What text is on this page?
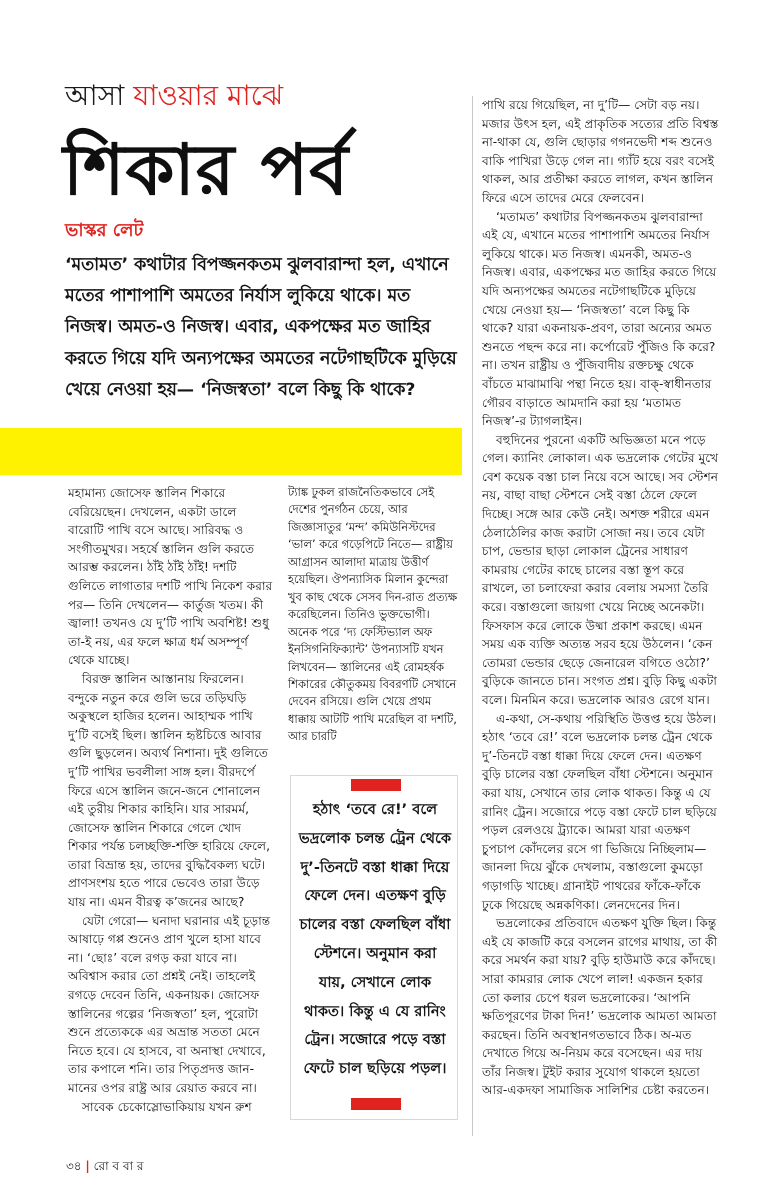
আসা যাওয়ার মাঝে
শিকার পর্ব
ভাস্কর লেট

‘মতামত’ কথাটার বিপজ্জনকতম ঝুলবারান্দা হল, এখানে মতের পাশাপাশি অমতের নির্যাস লুকিয়ে থাকে। মত নিজস্ব। অমত-ও নিজস্ব। এবার, একপক্ষের মত জাহির করতে গিয়ে যদি অন্যপক্ষের অমতের নটেগাছটিকে মুড়িয়ে খেয়ে নেওয়া হয়— ‘নিজস্বতা’ বলে কিছু কি থাকে?

মহামান্য জোসেফ স্তালিন শিকারে বেরিয়েছেন। দেখলেন, একটা ডালে বারোটি পাখি বসে আছে। সারিবদ্ধ ও সংগীতমুখর। সহর্ষে স্তালিন গুলি করতে আরম্ভ করলেন। ঠাঁই ঠাঁই ঠাঁই! দশটি গুলিতে লাগাতার দশটি পাখি নিকেশ করার পর— তিনি দেখলেন— কার্তুজ খতম। কী জ্বালা! তখনও যে দু’টি পাখি অবশিষ্ট! শুধু তা-ই নয়, এর ফলে ক্ষাত্র ধর্ম অসম্পূর্ণ থেকে যাচ্ছে।

বিরক্ত স্তালিন আস্তানায় ফিরলেন। বন্দুকে নতুন করে গুলি ভরে তড়িঘড়ি অকুস্থলে হাজির হলেন। আহাম্মক পাখি দু’টি বসেই ছিল। স্তালিন হৃষ্টচিত্তে আবার গুলি ছুড়লেন। অব্যর্থ নিশানা। দুই গুলিতে দু’টি পাখির ভবলীলা সাঙ্গ হল। বীরদর্পে ফিরে এসে স্তালিন জনে-জনে শোনালেন এই তুরীয় শিকার কাহিনি। যার সারমর্ম, জোসেফ স্তালিন শিকারে গেলে খোদ শিকার পর্যন্ত চলচ্ছক্তি-শক্তি হারিয়ে ফেলে, তারা বিভ্রান্ত হয়, তাদের বুদ্ধিবৈকল্য ঘটে। প্রাণসংশয় হতে পারে ভেবেও তারা উড়ে যায় না। এমন বীরত্ব ক’জনের আছে?

যেটা গেরো— ঘনাদা ঘরানার এই চূড়ান্ত আষাঢ়ে গপ্প শুনেও প্রাণ খুলে হাসা যাবে না। ‘ছোঃ’ বলে রগড় করা যাবে না। অবিশ্বাস করার তো প্রশ্নই নেই। তাহলেই রগড়ে দেবেন তিনি, একনায়ক। জোসেফ স্তালিনের গল্পের ‘নিজস্বতা’ হল, পুরোটা শুনে প্রত্যেককে এর অভ্রান্ত সততা মেনে নিতে হবে। যে হাসবে, বা অনাস্থা দেখাবে, তার কপালে শনি। তার পিতৃপ্রদত্ত জান-মানের ওপর রাষ্ট্র আর রেয়াত করবে না।

সাবেক চেকোস্লোভাকিয়ায় যখন রুশ

ট্যাঙ্ক ঢুকল রাজনৈতিকভাবে সেই দেশের পুনর্গঠন চেয়ে, আর জিজ্ঞাসাতুর ‘মন্দ’ কমিউনিস্টদের ‘ভাল’ করে গড়েপিটে নিতে— রাষ্ট্রীয় আগ্রাসন আলাদা মাত্রায় উত্তীর্ণ হয়েছিল। ঔপন্যাসিক মিলান কুন্দেরা খুব কাছ থেকে সেসব দিন-রাত প্রত্যক্ষ করেছিলেন। তিনিও ভুক্তভোগী। অনেক পরে ‘দ্য ফেস্টিভ্যাল অফ ইনসিগনিফিক্যান্ট’ উপন্যাসটি যখন লিখবেন— স্তালিনের এই রোমহর্ষক শিকারের কৌতুকময় বিবরণটি সেখানে দেবেন রসিয়ে। গুলি খেয়ে প্রথম ধাক্কায় আটটি পাখি মরেছিল বা দশটি, আর চারটি

হঠাৎ ‘তবে রে!’ বলে ভদ্রলোক চলন্ত ট্রেন থেকে দু’-তিনটে বস্তা ধাক্কা দিয়ে ফেলে দেন। এতক্ষণ বুড়ি চালের বস্তা ফেলছিল বাঁধা স্টেশনে। অনুমান করা যায়, সেখানে লোক থাকত। কিন্তু এ যে রানিং ট্রেন। সজোরে পড়ে বস্তা ফেটে চাল ছড়িয়ে পড়ল।

পাখি রয়ে গিয়েছিল, না দু’টি— সেটা বড় নয়। মজার উৎস হল, এই প্রাকৃতিক সত্যের প্রতি বিশ্বস্ত না-থাকা যে, গুলি ছোড়ার গগনভেদী শব্দ শুনেও বাকি পাখিরা উড়ে গেল না। গ্যাঁট হয়ে বরং বসেই থাকল, আর প্রতীক্ষা করতে লাগল, কখন স্তালিন ফিরে এসে তাদের মেরে ফেলবেন।

‘মতামত’ কথাটার বিপজ্জনকতম ঝুলবারান্দা এই যে, এখানে মতের পাশাপাশি অমতের নির্যাস লুকিয়ে থাকে। মত নিজস্ব। এমনকী, অমত-ও নিজস্ব। এবার, একপক্ষের মত জাহির করতে গিয়ে যদি অন্যপক্ষের অমতের নটেগাছটিকে মুড়িয়ে খেয়ে নেওয়া হয়— ‘নিজস্বতা’ বলে কিছু কি থাকে? যারা একনায়ক-প্রবণ, তারা অন্যের অমত শুনতে পছন্দ করে না। কর্পোরেট পুঁজিও কি করে? না। তখন রাষ্ট্রীয় ও পুঁজিবাদীয় রক্তচক্ষু থেকে বাঁচতে মাঝামাঝি পন্থা নিতে হয়। বাক্‌-স্বাধীনতার গৌরব বাড়াতে আমদানি করা হয় ‘মতামত নিজস্ব’-র ট্যাগলাইন।

বহুদিনের পুরনো একটি অভিজ্ঞতা মনে পড়ে গেল। ক্যানিং লোকাল। এক ভদ্রলোক গেটের মুখে বেশ কয়েক বস্তা চাল নিয়ে বসে আছে। সব স্টেশন নয়, বাছা বাছা স্টেশনে সেই বস্তা ঠেলে ফেলে দিচ্ছে। সঙ্গে আর কেউ নেই। অশক্ত শরীরে এমন ঠেলাঠেলির কাজ করাটা সোজা নয়। তবে যেটা চাপ, ভেন্ডার ছাড়া লোকাল ট্রেনের সাধারণ কামরায় গেটের কাছে চালের বস্তা স্তূপ করে রাখলে, তা চলাফেরা করার বেলায় সমস্যা তৈরি করে। বস্তাগুলো জায়গা খেয়ে নিচ্ছে অনেকটা। ফিসফাস করে লোকে উষ্মা প্রকাশ করছে। এমন সময় এক ব্যক্তি অত্যন্ত সরব হয়ে উঠলেন। ‘কেন তোমরা ভেন্ডার ছেড়ে জেনারেল বগিতে ওঠো?’ বুড়িকে জানতে চান। সংগত প্রশ্ন। বুড়ি কিছু একটা বলে। মিনমিন করে। ভদ্রলোক আরও রেগে যান।

এ-কথা, সে-কথায় পরিস্থিতি উত্তপ্ত হয়ে উঠল। হঠাৎ ‘তবে রে!’ বলে ভদ্রলোক চলন্ত ট্রেন থেকে দু’-তিনটে বস্তা ধাক্কা দিয়ে ফেলে দেন। এতক্ষণ বুড়ি চালের বস্তা ফেলছিল বাঁধা স্টেশনে। অনুমান করা যায়, সেখানে তার লোক থাকত। কিন্তু এ যে রানিং ট্রেন। সজোরে পড়ে বস্তা ফেটে চাল ছড়িয়ে পড়ল রেলওয়ে ট্র্যাকে। আমরা যারা এতক্ষণ চুপচাপ কোঁদলের রসে গা ভিজিয়ে নিচ্ছিলাম— জানলা দিয়ে ঝুঁকে দেখলাম, বস্তাগুলো কুমড়ো গড়াগড়ি খাচ্ছে। গ্রানাইট পাথরের ফাঁকে-ফাঁকে ঢুকে গিয়েছে অন্নকণিকা। লেনদেনের দিন।

ভদ্রলোকের প্রতিবাদে এতক্ষণ যুক্তি ছিল। কিন্তু এই যে কাজটি করে বসলেন রাগের মাথায়, তা কী করে সমর্থন করা যায়? বুড়ি হাউমাউ করে কাঁদছে। সারা কামরার লোক খেপে লাল! একজন হকার তো কলার চেপে ধরল ভদ্রলোকের। ‘আপনি ক্ষতিপূরণের টাকা দিন!’ ভদ্রলোক আমতা আমতা করছেন। তিনি অবস্থানগতভাবে ঠিক। অ-মত দেখাতে গিয়ে অ-নিয়ম করে বসেছেন। এর দায় তাঁর নিজস্ব। টুইট করার সুযোগ থাকলে হয়তো আর-একদফা সামাজিক সালিশির চেষ্টা করতেন।

৩৪ | রো ব বা র
